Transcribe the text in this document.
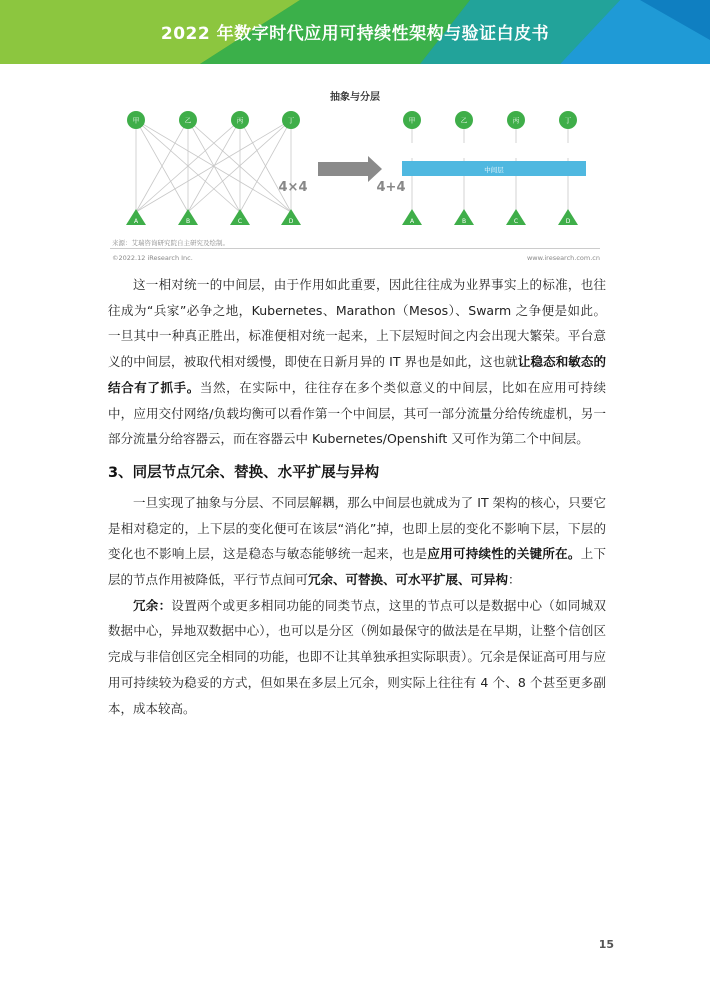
2022 年数字时代应用可持续性架构与验证白皮书
抽象与分层
中间层
4×4	4+4
甲	乙	丙	丁	甲	乙	丙	丁
A	B	C	D	A	B	C	D
来源：艾瑞咨询研究院自主研究及绘制。
©2022.12 iResearch Inc.	www.iresearch.com.cn

这一相对统一的中间层，由于作用如此重要，因此往往成为业界事实上的标准，也往往成为“兵家”必争之地，Kubernetes、Marathon（Mesos）、Swarm 之争便是如此。一旦其中一种真正胜出，标准便相对统一起来，上下层短时间之内会出现大繁荣。平台意义的中间层，被取代相对缓慢，即使在日新月异的 IT 界也是如此，这也就让稳态和敏态的结合有了抓手。当然，在实际中，往往存在多个类似意义的中间层，比如在应用可持续中，应用交付网络/负载均衡可以看作第一个中间层，其可一部分流量分给传统虚机，另一部分流量分给容器云，而在容器云中 Kubernetes/Openshift 又可作为第二个中间层。

3、同层节点冗余、替换、水平扩展与异构

一旦实现了抽象与分层、不同层解耦，那么中间层也就成为了 IT 架构的核心，只要它是相对稳定的，上下层的变化便可在该层“消化”掉，也即上层的变化不影响下层，下层的变化也不影响上层，这是稳态与敏态能够统一起来，也是应用可持续性的关键所在。上下层的节点作用被降低，平行节点间可冗余、可替换、可水平扩展、可异构：

冗余：设置两个或更多相同功能的同类节点，这里的节点可以是数据中心（如同城双数据中心，异地双数据中心），也可以是分区（例如最保守的做法是在早期，让整个信创区完成与非信创区完全相同的功能，也即不让其单独承担实际职责）。冗余是保证高可用与应用可持续较为稳妥的方式，但如果在多层上冗余，则实际上往往有 4 个、8 个甚至更多副本，成本较高。

15
